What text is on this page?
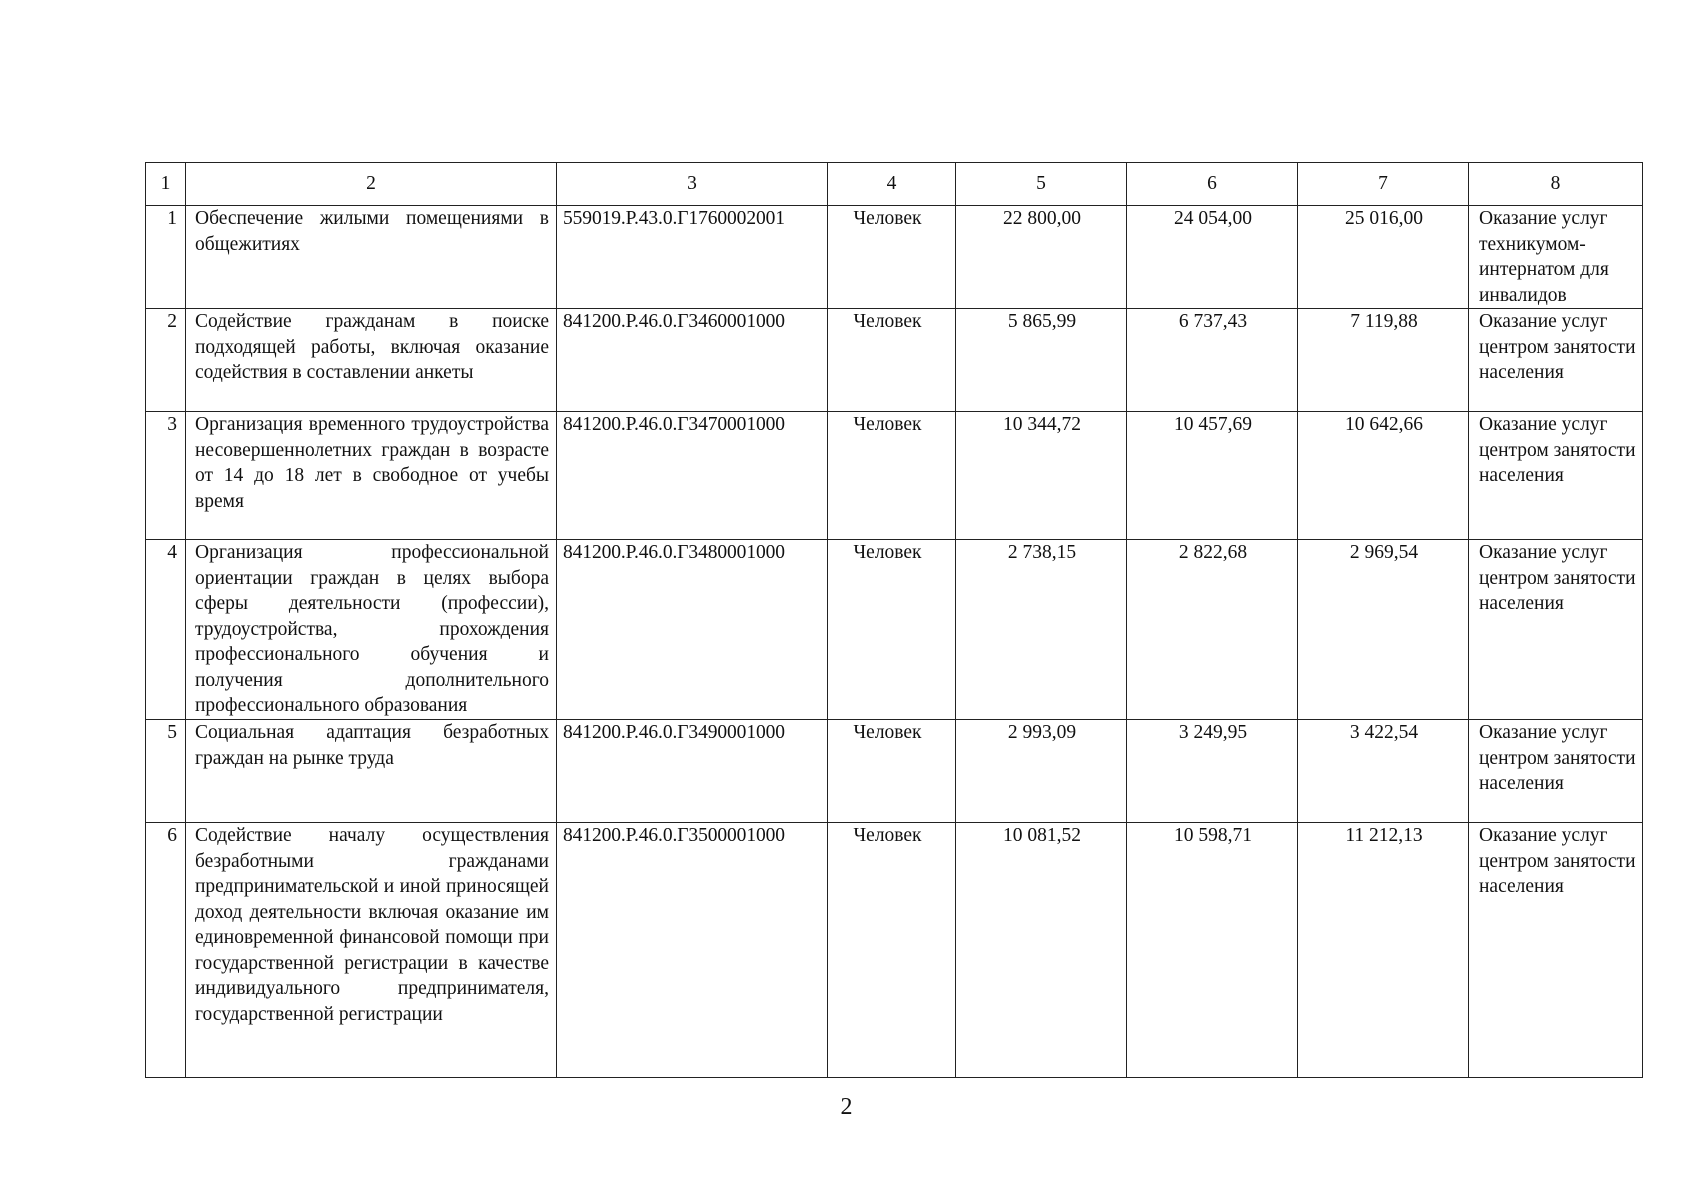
1	2	3	4	5	6	7	8
1	Обеспечение жилыми помещениями в общежитиях	559019.Р.43.0.Г1760002001	Человек	22 800,00	24 054,00	25 016,00	Оказание услуг техникумом-интернатом для инвалидов
2	Содействие гражданам в поиске подходящей работы, включая оказание содействия в составлении анкеты	841200.Р.46.0.Г3460001000	Человек	5 865,99	6 737,43	7 119,88	Оказание услуг центром занятости населения
3	Организация временного трудоустройства несовершеннолетних граждан в возрасте от 14 до 18 лет в свободное от учебы время	841200.Р.46.0.Г3470001000	Человек	10 344,72	10 457,69	10 642,66	Оказание услуг центром занятости населения
4	Организация профессиональной ориентации граждан в целях выбора сферы деятельности (профессии), трудоустройства, прохождения профессионального обучения и получения дополнительного профессионального образования	841200.Р.46.0.Г3480001000	Человек	2 738,15	2 822,68	2 969,54	Оказание услуг центром занятости населения
5	Социальная адаптация безработных граждан на рынке труда	841200.Р.46.0.Г3490001000	Человек	2 993,09	3 249,95	3 422,54	Оказание услуг центром занятости населения
6	Содействие началу осуществления безработными гражданами предпринимательской и иной приносящей доход деятельности включая оказание им единовременной финансовой помощи при государственной регистрации в качестве индивидуального предпринимателя, государственной регистрации	841200.Р.46.0.Г3500001000	Человек	10 081,52	10 598,71	11 212,13	Оказание услуг центром занятости населения
2
